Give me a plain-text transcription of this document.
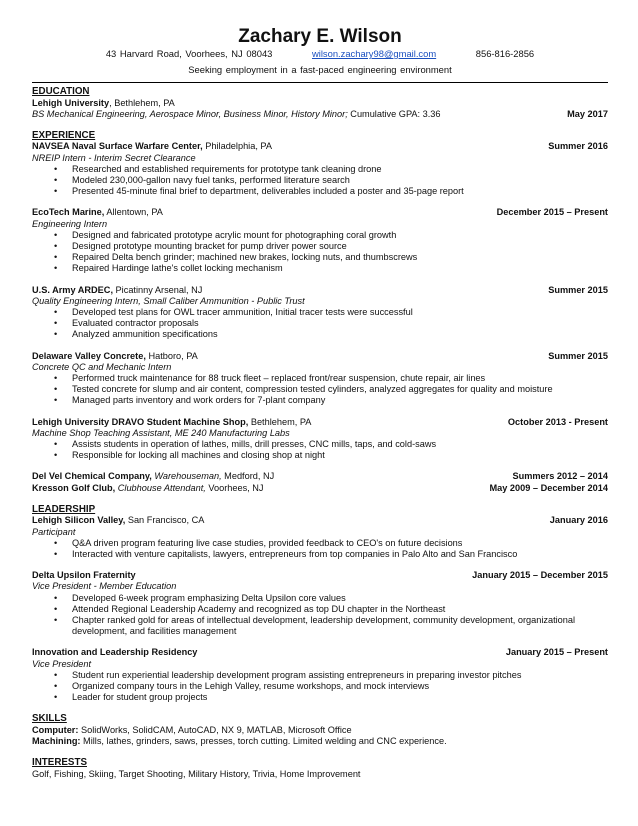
Zachary E. Wilson
43 Harvard Road, Voorhees, NJ 08043	wilson.zachary98@gmail.com	856-816-2856
Seeking employment in a fast-paced engineering environment
EDUCATION
Lehigh University, Bethlehem, PA
BS Mechanical Engineering, Aerospace Minor, Business Minor, History Minor; Cumulative GPA: 3.36	May 2017
EXPERIENCE
NAVSEA Naval Surface Warfare Center, Philadelphia, PA	Summer 2016
NREIP Intern - Interim Secret Clearance
• Researched and established requirements for prototype tank cleaning drone
• Modeled 230,000-gallon navy fuel tanks, performed literature search
• Presented 45-minute final brief to department, deliverables included a poster and 35-page report
EcoTech Marine, Allentown, PA	December 2015 – Present
Engineering Intern
• Designed and fabricated prototype acrylic mount for photographing coral growth
• Designed prototype mounting bracket for pump driver power source
• Repaired Delta bench grinder; machined new brakes, locking nuts, and thumbscrews
• Repaired Hardinge lathe's collet locking mechanism
U.S. Army ARDEC, Picatinny Arsenal, NJ	Summer 2015
Quality Engineering Intern, Small Caliber Ammunition - Public Trust
• Developed test plans for OWL tracer ammunition, Initial tracer tests were successful
• Evaluated contractor proposals
• Analyzed ammunition specifications
Delaware Valley Concrete, Hatboro, PA	Summer 2015
Concrete QC and Mechanic Intern
• Performed truck maintenance for 88 truck fleet – replaced front/rear suspension, chute repair, air lines
• Tested concrete for slump and air content, compression tested cylinders, analyzed aggregates for quality and moisture
• Managed parts inventory and work orders for 7-plant company
Lehigh University DRAVO Student Machine Shop, Bethlehem, PA	October 2013 - Present
Machine Shop Teaching Assistant, ME 240 Manufacturing Labs
• Assists students in operation of lathes, mills, drill presses, CNC mills, taps, and cold-saws
• Responsible for locking all machines and closing shop at night
Del Vel Chemical Company, Warehouseman, Medford, NJ	Summers 2012 – 2014
Kresson Golf Club, Clubhouse Attendant, Voorhees, NJ	May 2009 – December 2014
LEADERSHIP
Lehigh Silicon Valley, San Francisco, CA	January 2016
Participant
• Q&A driven program featuring live case studies, provided feedback to CEO's on future decisions
• Interacted with venture capitalists, lawyers, entrepreneurs from top companies in Palo Alto and San Francisco
Delta Upsilon Fraternity	January 2015 – December 2015
Vice President - Member Education
• Developed 6-week program emphasizing Delta Upsilon core values
• Attended Regional Leadership Academy and recognized as top DU chapter in the Northeast
• Chapter ranked gold for areas of intellectual development, leadership development, community development, organizational development, and facilities management
Innovation and Leadership Residency	January 2015 – Present
Vice President
• Student run experiential leadership development program assisting entrepreneurs in preparing investor pitches
• Organized company tours in the Lehigh Valley, resume workshops, and mock interviews
• Leader for student group projects
SKILLS
Computer: SolidWorks, SolidCAM, AutoCAD, NX 9, MATLAB, Microsoft Office
Machining: Mills, lathes, grinders, saws, presses, torch cutting. Limited welding and CNC experience.
INTERESTS
Golf, Fishing, Skiing, Target Shooting, Military History, Trivia, Home Improvement
